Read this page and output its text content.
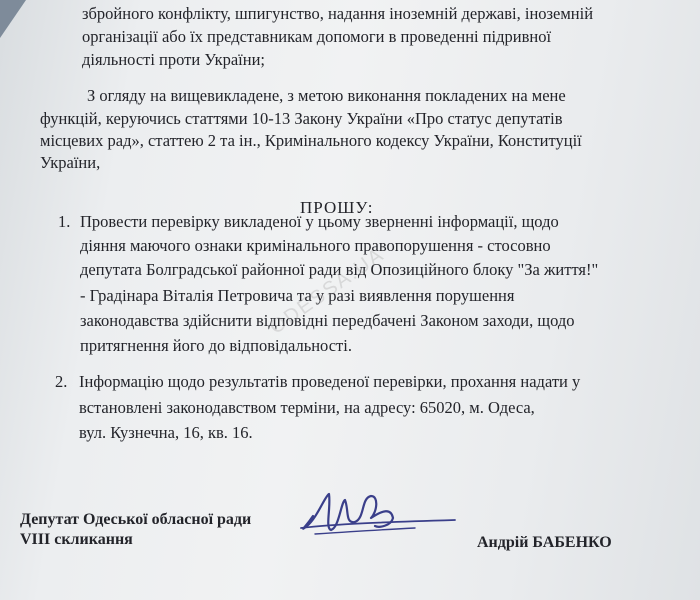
збройного конфлікту, шпигунство, надання іноземній державі, іноземній
організації або їх представникам допомоги в проведенні підривної
діяльності проти України;
З огляду на вищевикладене, з метою виконання покладених на мене
функцій, керуючись статтями 10-13 Закону України «Про статус депутатів
місцевих рад», статтею 2 та ін., Кримінального кодексу України, Конституції
України,
ПРОШУ:
1. Провести перевірку викладеної у цьому зверненні інформації, щодо
діяння маючого ознаки кримінального правопорушення - стосовно
депутата Болградської районної ради від Опозиційного блоку "За життя!"
- Градінара Віталія Петровича та у разі виявлення порушення
законодавства здійснити відповідні передбачені Законом заходи, щодо
притягнення його до відповідальності.
2. Інформацію щодо результатів проведеної перевірки, прохання надати у
встановлені законодавством терміни, на адресу: 65020, м. Одеса,
вул. Кузнечна, 16, кв. 16.
ODESSA.UA
Депутат Одеської обласної ради
VIII скликання	Андрій БАБЕНКО
